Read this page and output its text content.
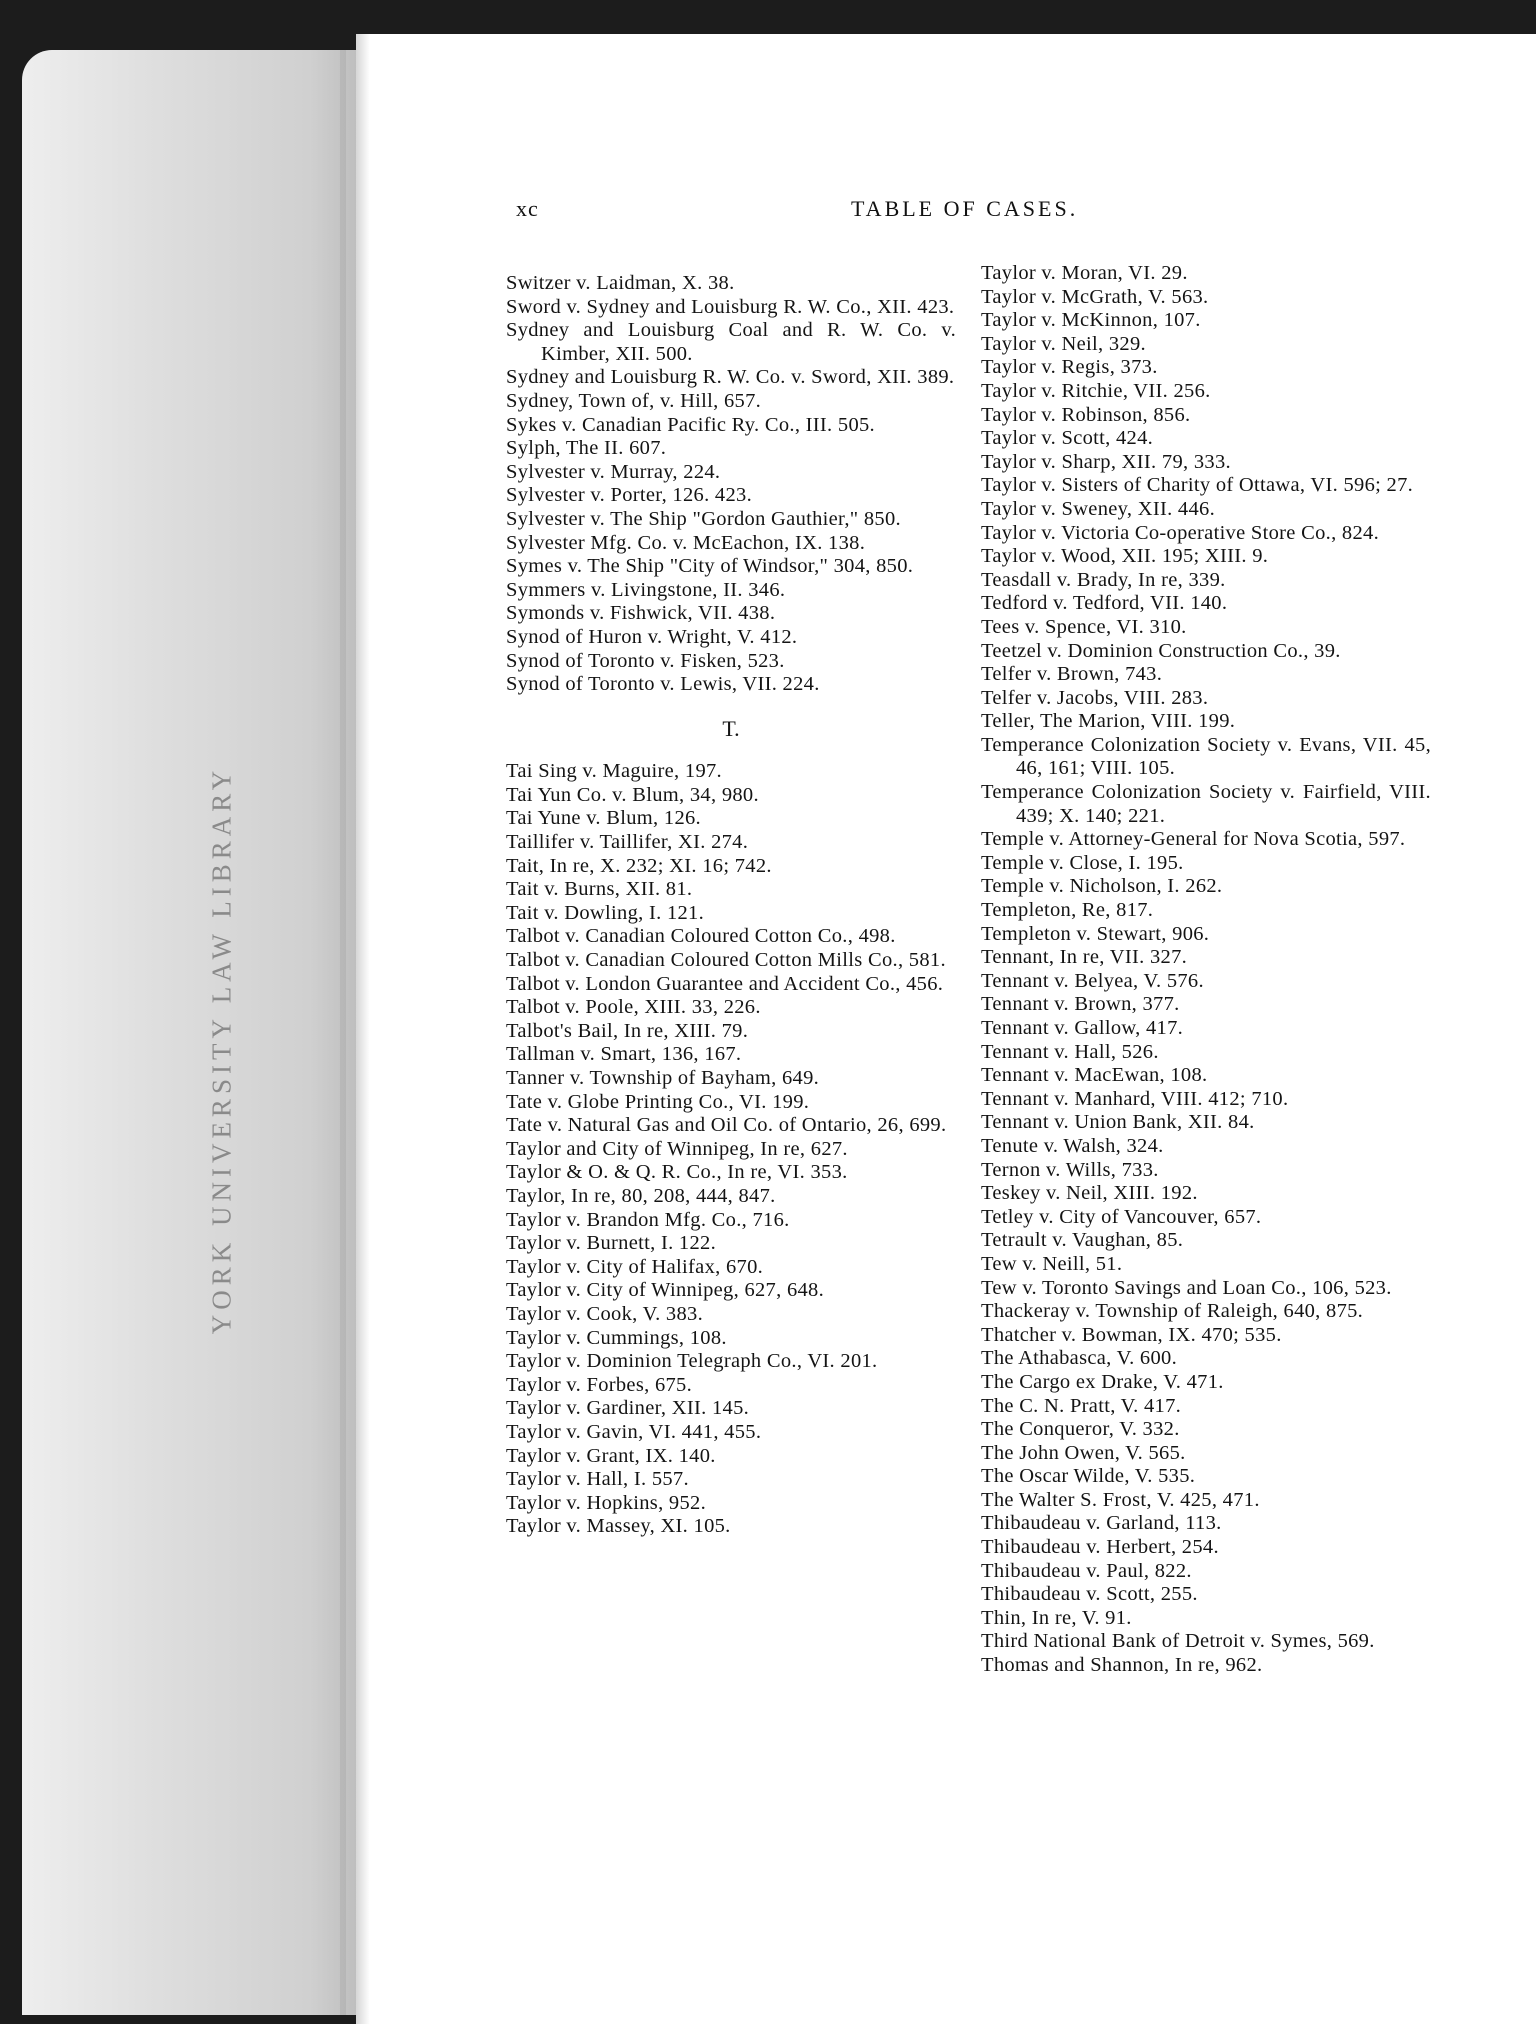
YORK UNIVERSITY LAW LIBRARY
xc	TABLE OF CASES.
Switzer v. Laidman, X. 38.
Sword v. Sydney and Louisburg R. W. Co., XII. 423.
Sydney and Louisburg Coal and R. W. Co. v. Kimber, XII. 500.
Sydney and Louisburg R. W. Co. v. Sword, XII. 389.
Sydney, Town of, v. Hill, 657.
Sykes v. Canadian Pacific Ry. Co., III. 505.
Sylph, The II. 607.
Sylvester v. Murray, 224.
Sylvester v. Porter, 126. 423.
Sylvester v. The Ship "Gordon Gauthier," 850.
Sylvester Mfg. Co. v. McEachon, IX. 138.
Symes v. The Ship "City of Windsor," 304, 850.
Symmers v. Livingstone, II. 346.
Symonds v. Fishwick, VII. 438.
Synod of Huron v. Wright, V. 412.
Synod of Toronto v. Fisken, 523.
Synod of Toronto v. Lewis, VII. 224.
T.
Tai Sing v. Maguire, 197.
Tai Yun Co. v. Blum, 34, 980.
Tai Yune v. Blum, 126.
Taillifer v. Taillifer, XI. 274.
Tait, In re, X. 232; XI. 16; 742.
Tait v. Burns, XII. 81.
Tait v. Dowling, I. 121.
Talbot v. Canadian Coloured Cotton Co., 498.
Talbot v. Canadian Coloured Cotton Mills Co., 581.
Talbot v. London Guarantee and Accident Co., 456.
Talbot v. Poole, XIII. 33, 226.
Talbot's Bail, In re, XIII. 79.
Tallman v. Smart, 136, 167.
Tanner v. Township of Bayham, 649.
Tate v. Globe Printing Co., VI. 199.
Tate v. Natural Gas and Oil Co. of Ontario, 26, 699.
Taylor and City of Winnipeg, In re, 627.
Taylor & O. & Q. R. Co., In re, VI. 353.
Taylor, In re, 80, 208, 444, 847.
Taylor v. Brandon Mfg. Co., 716.
Taylor v. Burnett, I. 122.
Taylor v. City of Halifax, 670.
Taylor v. City of Winnipeg, 627, 648.
Taylor v. Cook, V. 383.
Taylor v. Cummings, 108.
Taylor v. Dominion Telegraph Co., VI. 201.
Taylor v. Forbes, 675.
Taylor v. Gardiner, XII. 145.
Taylor v. Gavin, VI. 441, 455.
Taylor v. Grant, IX. 140.
Taylor v. Hall, I. 557.
Taylor v. Hopkins, 952.
Taylor v. Massey, XI. 105.
Taylor v. Moran, VI. 29.
Taylor v. McGrath, V. 563.
Taylor v. McKinnon, 107.
Taylor v. Neil, 329.
Taylor v. Regis, 373.
Taylor v. Ritchie, VII. 256.
Taylor v. Robinson, 856.
Taylor v. Scott, 424.
Taylor v. Sharp, XII. 79, 333.
Taylor v. Sisters of Charity of Ottawa, VI. 596; 27.
Taylor v. Sweney, XII. 446.
Taylor v. Victoria Co-operative Store Co., 824.
Taylor v. Wood, XII. 195; XIII. 9.
Teasdall v. Brady, In re, 339.
Tedford v. Tedford, VII. 140.
Tees v. Spence, VI. 310.
Teetzel v. Dominion Construction Co., 39.
Telfer v. Brown, 743.
Telfer v. Jacobs, VIII. 283.
Teller, The Marion, VIII. 199.
Temperance Colonization Society v. Evans, VII. 45, 46, 161; VIII. 105.
Temperance Colonization Society v. Fairfield, VIII. 439; X. 140; 221.
Temple v. Attorney-General for Nova Scotia, 597.
Temple v. Close, I. 195.
Temple v. Nicholson, I. 262.
Templeton, Re, 817.
Templeton v. Stewart, 906.
Tennant, In re, VII. 327.
Tennant v. Belyea, V. 576.
Tennant v. Brown, 377.
Tennant v. Gallow, 417.
Tennant v. Hall, 526.
Tennant v. MacEwan, 108.
Tennant v. Manhard, VIII. 412; 710.
Tennant v. Union Bank, XII. 84.
Tenute v. Walsh, 324.
Ternon v. Wills, 733.
Teskey v. Neil, XIII. 192.
Tetley v. City of Vancouver, 657.
Tetrault v. Vaughan, 85.
Tew v. Neill, 51.
Tew v. Toronto Savings and Loan Co., 106, 523.
Thackeray v. Township of Raleigh, 640, 875.
Thatcher v. Bowman, IX. 470; 535.
The Athabasca, V. 600.
The Cargo ex Drake, V. 471.
The C. N. Pratt, V. 417.
The Conqueror, V. 332.
The John Owen, V. 565.
The Oscar Wilde, V. 535.
The Walter S. Frost, V. 425, 471.
Thibaudeau v. Garland, 113.
Thibaudeau v. Herbert, 254.
Thibaudeau v. Paul, 822.
Thibaudeau v. Scott, 255.
Thin, In re, V. 91.
Third National Bank of Detroit v. Symes, 569.
Thomas and Shannon, In re, 962.
